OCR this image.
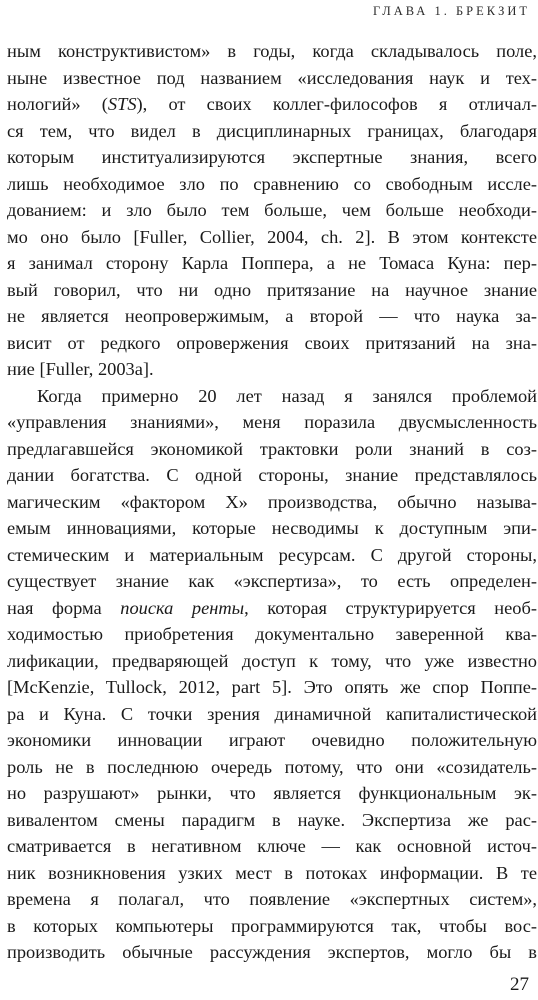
ГЛАВА 1. БРЕКЗИТ
ным конструктивистом» в годы, когда складывалось поле,
ныне известное под названием «исследования наук и тех-
нологий» (STS), от своих коллег-философов я отличал-
ся тем, что видел в дисциплинарных границах, благодаря
которым институализируются экспертные знания, всего
лишь необходимое зло по сравнению со свободным исслe-
дованием: и зло было тем больше, чем больше необходи-
мо оно было [Fuller, Collier, 2004, ch. 2]. В этом контексте
я занимал сторону Карла Поппера, а не Томаса Куна: пер-
вый говорил, что ни одно притязание на научное знание
не является неопровержимым, а второй — что наука за-
висит от редкого опровержения своих притязаний на зна-
ние [Fuller, 2003a].
Когда примерно 20 лет назад я занялся проблемой
«управления знаниями», меня поразила двусмысленность
предлагавшейся экономикой трактовки роли знаний в соз-
дании богатства. С одной стороны, знание представлялось
магическим «фактором X» производства, обычно называ-
емым инновациями, которые несводимы к доступным эпи-
стемическим и материальным ресурсам. С другой стороны,
существует знание как «экспертиза», то есть определен-
ная форма поиска ренты, которая структурируется необ-
ходимостью приобретения документально заверенной ква-
лификации, предваряющей доступ к тому, что уже известно
[McKenzie, Tullock, 2012, part 5]. Это опять же спор Поппе-
ра и Куна. С точки зрения динамичной капиталистической
экономики инновации играют очевидно положительную
роль не в последнюю очередь потому, что они «созидатель-
но разрушают» рынки, что является функциональным эк-
вивалентом смены парадигм в науке. Экспертиза же рас-
сматривается в негативном ключе — как основной источ-
ник возникновения узких мест в потоках информации. В те
времена я полагал, что появление «экспертных систем»,
в которых компьютеры программируются так, чтобы вос-
производить обычные рассуждения экспертов, могло бы в
27
